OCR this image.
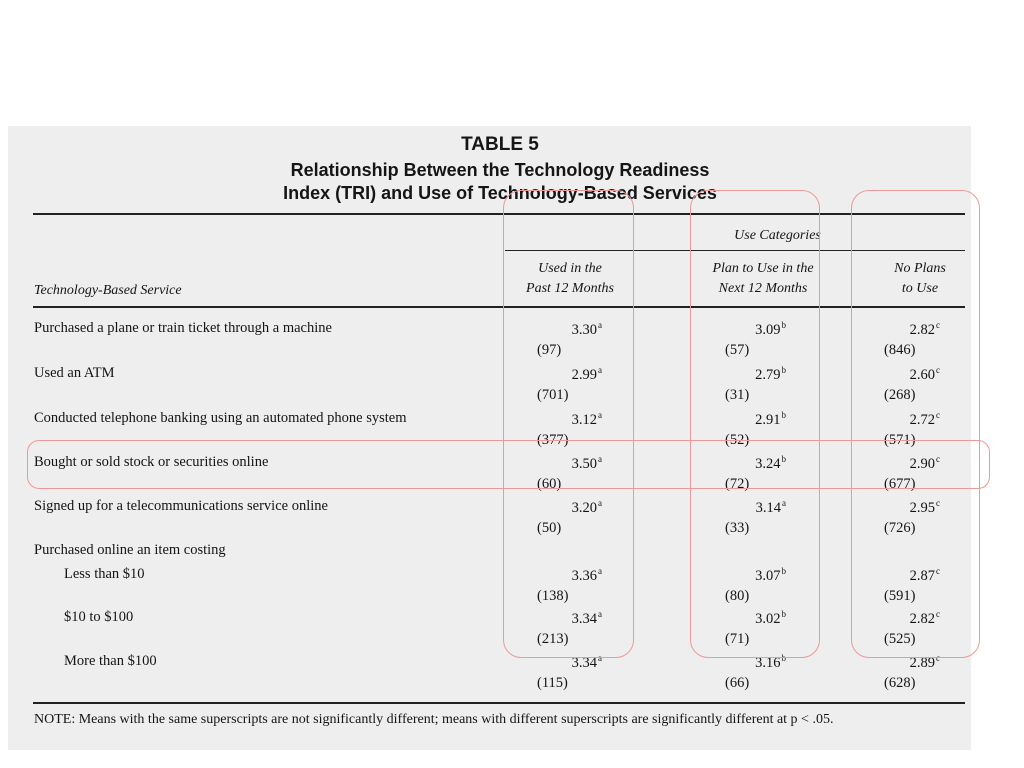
TABLE 5
Relationship Between the Technology Readiness
Index (TRI) and Use of Technology-Based Services
Use Categories
Used in the
Past 12 Months
Plan to Use in the
Next 12 Months
No Plans
to Use
Technology-Based Service
Purchased a plane or train ticket through a machine
Used an ATM
Conducted telephone banking using an automated phone system
Bought or sold stock or securities online
Signed up for a telecommunications service online
Purchased online an item costing
Less than $10
$10 to $100
More than $100
3.30$^a$
(97)
3.09$^b$
(57)
2.82$^c$
(846)
2.99$^a$
(701)
2.79$^b$
(31)
2.60$^c$
(268)
3.12$^a$
(377)
2.91$^b$
(52)
2.72$^c$
(571)
3.50$^a$
(60)
3.24$^b$
(72)
2.90$^c$
(677)
3.20$^a$
(50)
3.14$^a$
(33)
2.95$^c$
(726)
3.36$^a$
(138)
3.07$^b$
(80)
2.87$^c$
(591)
3.34$^a$
(213)
3.02$^b$
(71)
2.82$^c$
(525)
3.34$^a$
(115)
3.16$^b$
(66)
2.89$^c$
(628)
NOTE: Means with the same superscripts are not significantly different; means with different superscripts are significantly different at p < .05.
